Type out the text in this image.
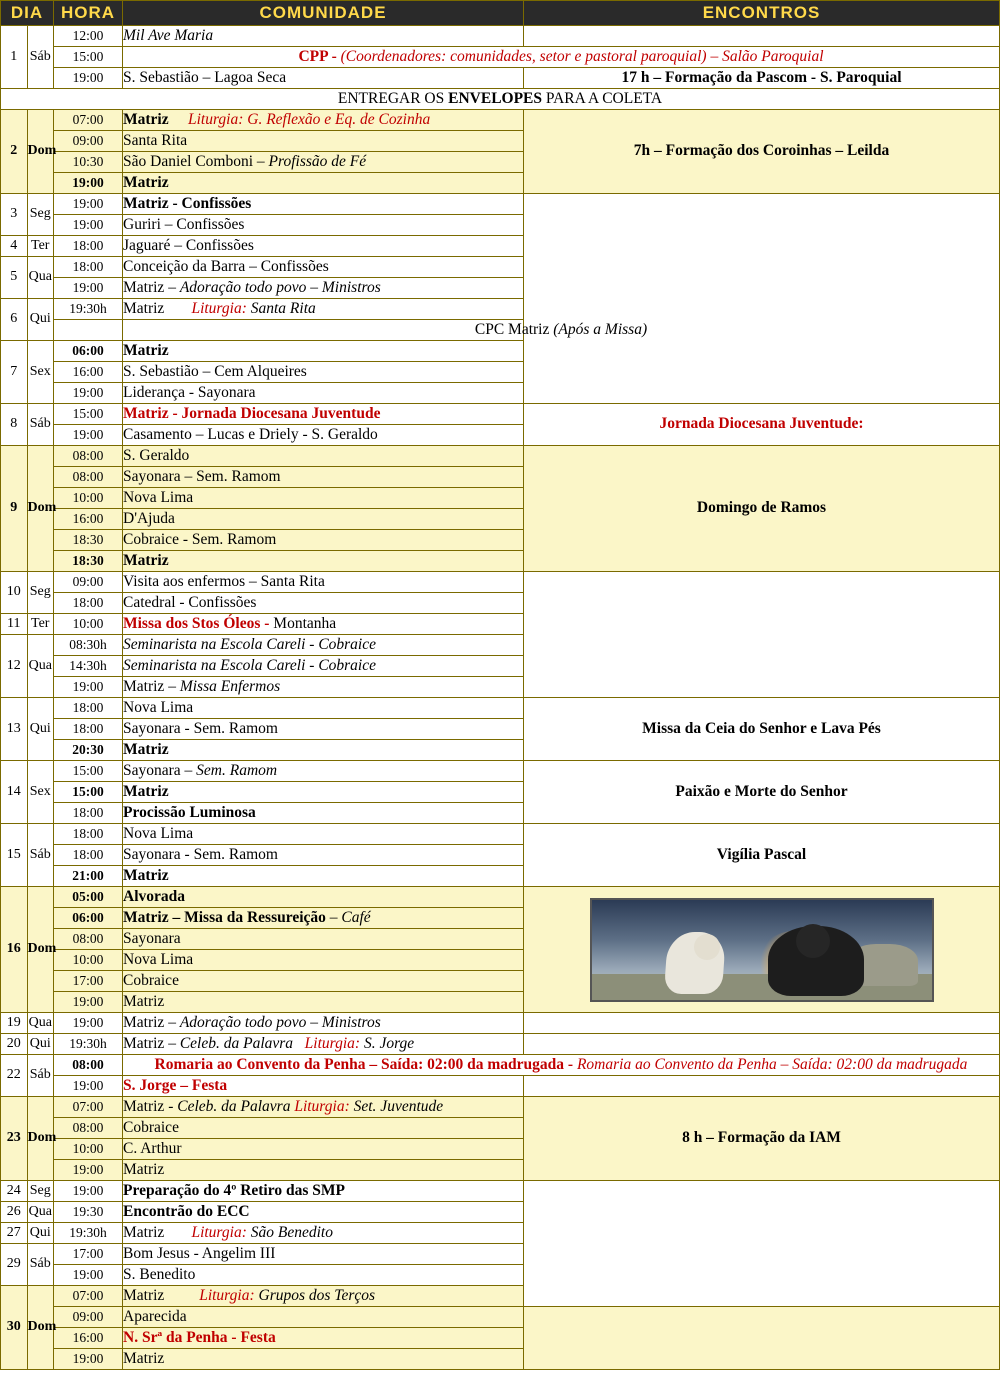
DIA		HORA	COMUNIDADE	ENCONTROS
1	Sáb	12:00	Mil Ave Maria	
		15:00	CPP - (Coordenadores: comunidades, setor e pastoral paroquial) – Salão Paroquial	
		19:00	S. Sebastião – Lagoa Seca	17 h – Formação da Pascom - S. Paroquial
ENTREGAR OS ENVELOPES PARA A COLETA				
2	Dom	07:00	Matriz Liturgia: G. Reflexão e Eq. de Cozinha	7h – Formação dos Coroinhas – Leilda
		09:00	Santa Rita	
		10:30	São Daniel Comboni – Profissão de Fé	
		19:00	Matriz	
3	Seg	19:00	Matriz - Confissões	
		19:00	Guriri – Confissões	
4	Ter	18:00	Jaguaré – Confissões	
5	Qua	18:00	Conceição da Barra – Confissões	
		19:00	Matriz – Adoração todo povo – Ministros	
6	Qui	19:30h	Matriz       Liturgia: Santa Rita	

			CPC Matriz (Após a Missa)	

7	Sex	06:00	Matriz	
		16:00	S. Sebastião – Cem Alqueires	
		19:00	Liderança - Sayonara	
8	Sáb	15:00	Matriz - Jornada Diocesana Juventude	Jornada Diocesana Juventude:
		19:00	Casamento – Lucas e Driely - S. Geraldo	
9	Dom	08:00	S. Geraldo	Domingo de Ramos
		08:00	Sayonara – Sem. Ramom	
		10:00	Nova Lima	
		16:00	D'Ajuda	
		18:30	Cobraice - Sem. Ramom	
		18:30	Matriz	
10	Seg	09:00	Visita aos enfermos – Santa Rita	
		18:00	Catedral - Confissões	
11	Ter	10:00	Missa dos Stos Óleos - Montanha	
12	Qua	08:30h	Seminarista na Escola Careli - Cobraice	
		14:30h	Seminarista na Escola Careli - Cobraice	
		19:00	Matriz – Missa Enfermos	
13	Qui	18:00	Nova Lima	Missa da Ceia do Senhor e Lava Pés
		18:00	Sayonara - Sem. Ramom	
		20:30	Matriz	
14	Sex	15:00	Sayonara – Sem. Ramom	Paixão e Morte do Senhor
		15:00	Matriz	
		18:00	Procissão Luminosa	
15	Sáb	18:00	Nova Lima	Vigília Pascal
		18:00	Sayonara - Sem. Ramom	
		21:00	Matriz	
16	Dom	05:00	Alvorada	

		06:00	Matriz – Missa da Ressureição – Café	
		08:00	Sayonara	
		10:00	Nova Lima	
		17:00	Cobraice	
		19:00	Matriz	
19	Qua	19:00	Matriz – Adoração todo povo – Ministros	
20	Qui	19:30h	Matriz – Celeb. da Palavra Liturgia: S. Jorge	
22	Sáb	08:00	Romaria ao Convento da Penha – Saída: 02:00 da madrugada - Romaria ao Convento da Penha – Saída: 02:00 da madrugada	
		19:00	S. Jorge – Festa	
23	Dom	07:00	Matriz - Celeb. da Palavra Liturgia: Set. Juventude	8 h – Formação da IAM
		08:00	Cobraice	
		10:00	C. Arthur	
		19:00	Matriz	
24	Seg	19:00	Preparação do 4º Retiro das SMP	
26	Qua	19:30	Encontrão do ECC	
27	Qui	19:30h	Matriz       Liturgia: São Benedito	
29	Sáb	17:00	Bom Jesus - Angelim III	
		19:00	S. Benedito	
30	Dom	07:00	Matriz         Liturgia: Grupos dos Terços	
		09:00	Aparecida	
		16:00	N. Srª da Penha - Festa	
		19:00	Matriz	
